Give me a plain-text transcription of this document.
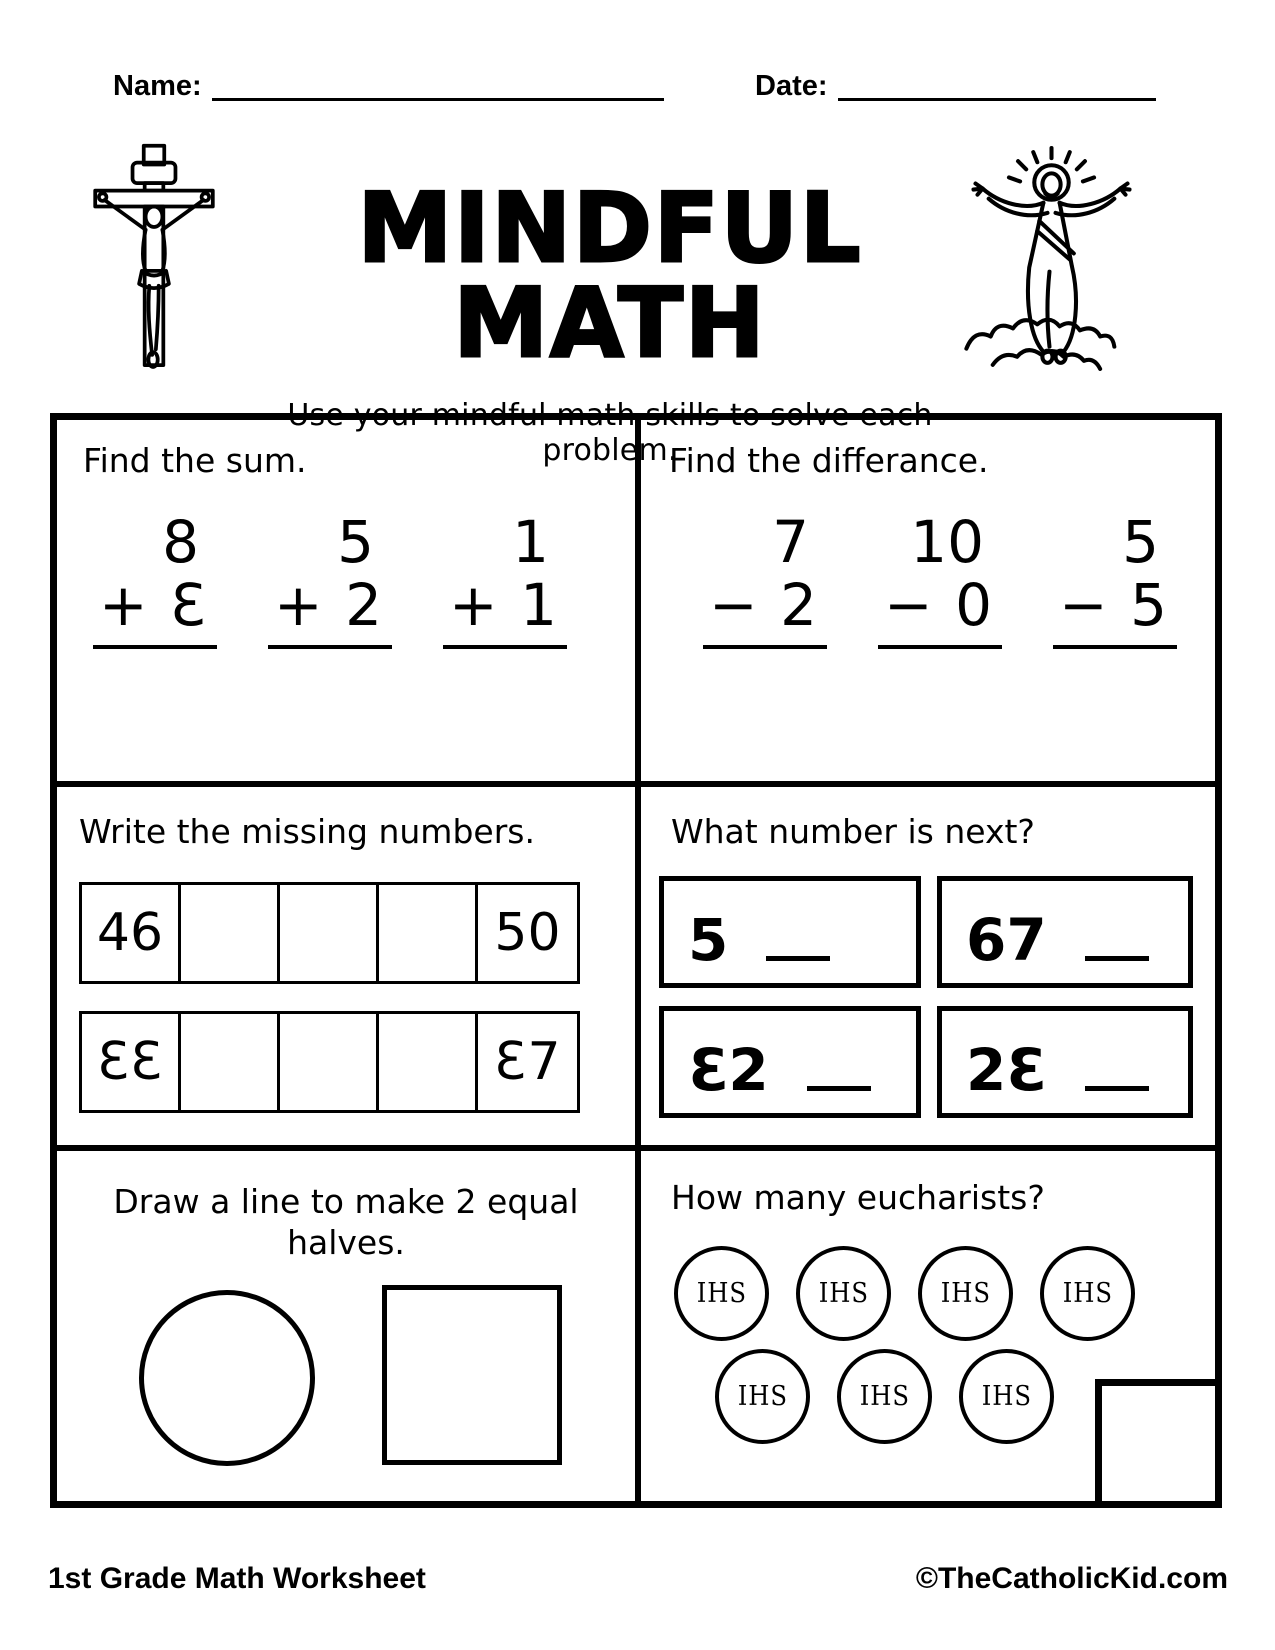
Name:	Date:
MINDFUL MATH
Use your mindful math skills to solve each problem.
Find the sum.
8
+ 3
5
+ 2
1
+ 1
Find the differance.
7
− 2
10
− 0
5
− 5
Write the missing numbers.
46	50
33	37
What number is next?
5	67
32	23
Draw a line to make 2 equal halves.
How many eucharists?
IHS	IHS	IHS	IHS
IHS	IHS	IHS
1st Grade Math Worksheet	©TheCatholicKid.com
